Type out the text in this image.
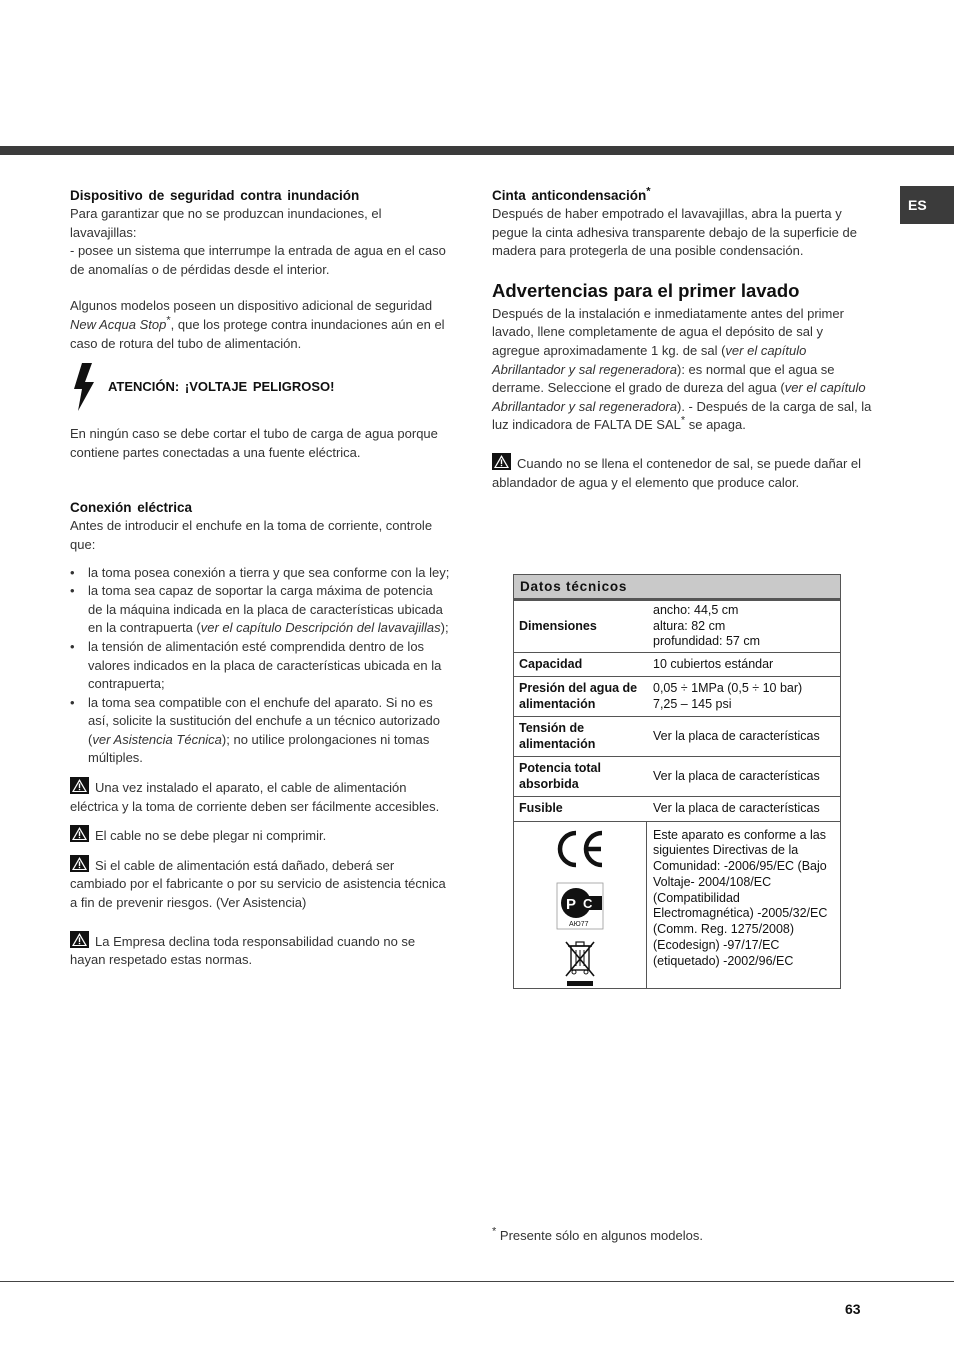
ES
Dispositivo de seguridad contra inundación

Para garantizar que no se produzcan inundaciones, el lavavajillas:

- posee un sistema que interrumpe la entrada de agua en el caso de anomalías o de pérdidas desde el interior.

Algunos modelos poseen un dispositivo adicional de seguridad New Acqua Stop*, que los protege contra inundaciones aún en el caso de rotura del tubo de alimentación.

ATENCIÓN: ¡VOLTAJE PELIGROSO!

En ningún caso se debe cortar el tubo de carga de agua porque contiene partes conectadas a una fuente eléctrica.

Conexión eléctrica

Antes de introducir el enchufe en la toma de corriente, controle que:

• la toma posea conexión a tierra y que sea conforme con la ley;
• la toma sea capaz de soportar la carga máxima de potencia de la máquina indicada en la placa de características ubicada en la contrapuerta (ver el capítulo Descripción del lavavajillas);
• la tensión de alimentación esté comprendida dentro de los valores indicados en la placa de características ubicada en la contrapuerta;
• la toma sea compatible con el enchufe del aparato. Si no es así, solicite la sustitución del enchufe a un técnico autorizado (ver Asistencia Técnica); no utilice prolongaciones ni tomas múltiples.

Una vez instalado el aparato, el cable de alimentación eléctrica y la toma de corriente deben ser fácilmente accesibles.

El cable no se debe plegar ni comprimir.

Si el cable de alimentación está dañado, deberá ser cambiado por el fabricante o por su servicio de asistencia técnica a fin de prevenir riesgos. (Ver Asistencia)

La Empresa declina toda responsabilidad cuando no se hayan respetado estas normas.

Cinta anticondensación*

Después de haber empotrado el lavavajillas, abra la puerta y pegue la cinta adhesiva transparente debajo de la superficie de madera para protegerla de una posible condensación.

Advertencias para el primer lavado

Después de la instalación e inmediatamente antes del primer lavado, llene completamente de agua el depósito de sal y agregue aproximadamente 1 kg. de sal (ver el capítulo Abrillantador y sal regeneradora): es normal que el agua se derrame. Seleccione el grado de dureza del agua (ver el capítulo Abrillantador y sal regeneradora). - Después de la carga de sal, la luz indicadora de FALTA DE SAL* se apaga.

Cuando no se llena el contenedor de sal, se puede dañar el ablandador de agua y el elemento que produce calor.

Datos técnicos
Dimensiones
ancho: 44,5 cm
altura: 82 cm
profundidad: 57 cm
Capacidad	10 cubiertos estándar
Presión del agua de alimentación
0,05 ÷ 1MPa (0,5 ÷ 10 bar)
7,25 – 145 psi
Tensión de alimentación
Ver la placa de características
Potencia total absorbida
Ver la placa de características
Fusible	Ver la placa de características
P C
АЮ77
Este aparato es conforme a las siguientes Directivas de la Comunidad: -2006/95/EC (Bajo Voltaje- 2004/108/EC (Compatibilidad Electromagnética) -2005/32/EC (Comm. Reg. 1275/2008) (Ecodesign) -97/17/EC (etiquetado) -2002/96/EC
* Presente sólo en algunos modelos.
63
